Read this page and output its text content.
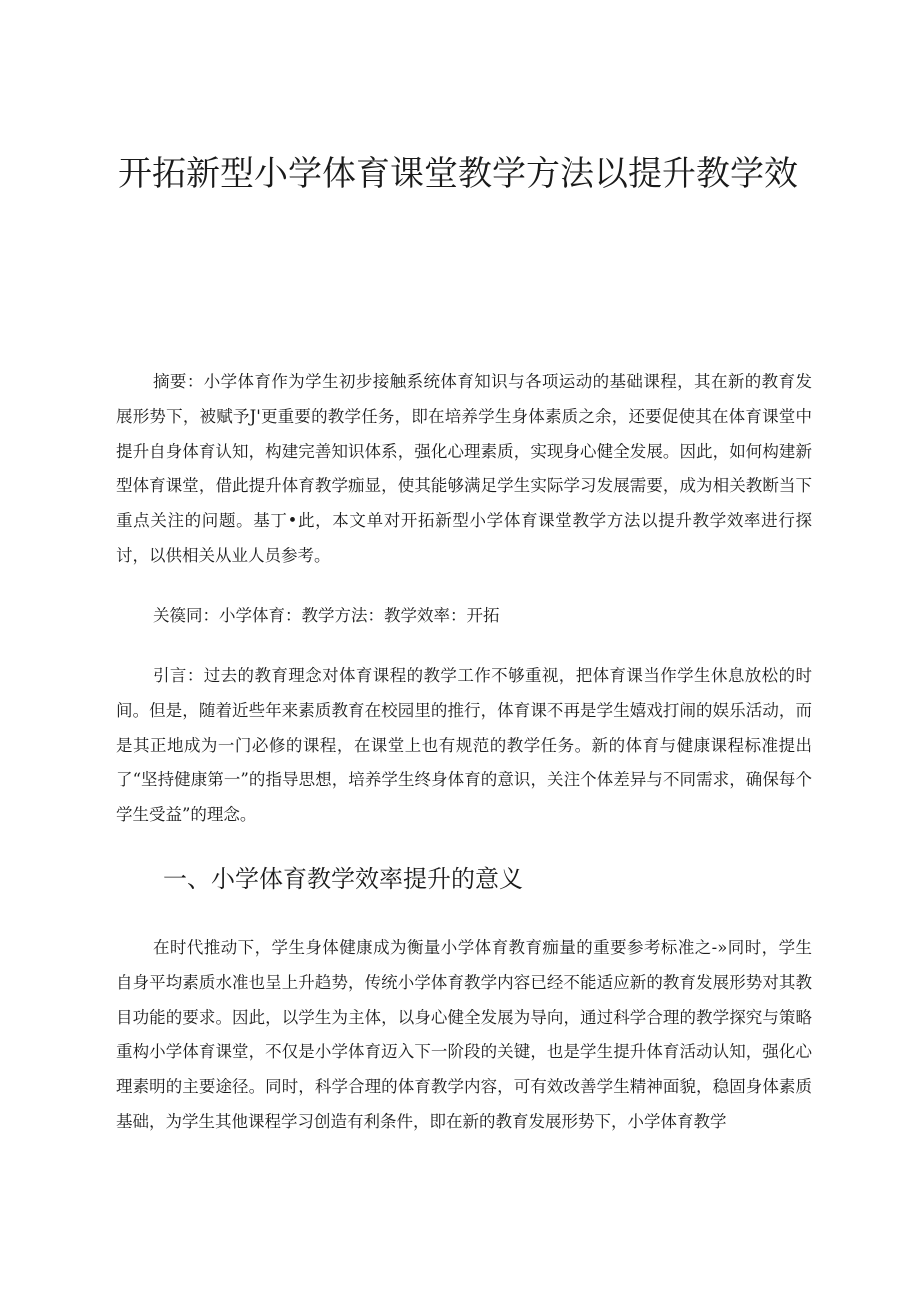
开拓新型小学体育课堂教学方法以提升教学效

摘要：小学体育作为学生初步接触系统体育知识与各项运动的基础课程，其在新的教育发展形势下，被赋予J'更重要的教学任务，即在培养学生身体素质之余，还要促使其在体育课堂中提升自身体育认知，构建完善知识体系，强化心理素质，实现身心健全发展。因此，如何构建新型体育课堂，借此提升体育教学痂显，使其能够满足学生实际学习发展需要，成为相关教断当下重点关注的问题。基丁•此，本文单对开拓新型小学体育课堂教学方法以提升教学效率进行探讨，以供相关从业人员参考。

关篌同：小学体育：教学方法：教学效率：开拓

引言：过去的教育理念对体育课程的教学工作不够重视，把体育课当作学生休息放松的时间。但是，随着近些年来素质教育在校园里的推行，体育课不再是学生嬉戏打闹的娱乐活动，而是其正地成为一门必修的课程，在课堂上也有规范的教学任务。新的体育与健康课程标准提出了“坚持健康第一”的指导思想，培养学生终身体育的意识，关注个体差异与不同需求，确保每个学生受益”的理念。

一、小学体育教学效率提升的意义

在时代推动下，学生身体健康成为衡量小学体育教育痂量的重要参考标准之-»同时，学生自身平均素质水准也呈上升趋势，传统小学体育教学内容已经不能适应新的教育发展形势对其教目功能的要求。因此，以学生为主体，以身心健全发展为导向，通过科学合理的教学探究与策略重构小学体育课堂，不仅是小学体育迈入下一阶段的关键，也是学生提升体育活动认知，强化心理素明的主要途径。同时，科学合理的体育教学内容，可有效改善学生精神面貌，稳固身体素质基础，为学生其他课程学习创造有利条件，即在新的教育发展形势下，小学体育教学
